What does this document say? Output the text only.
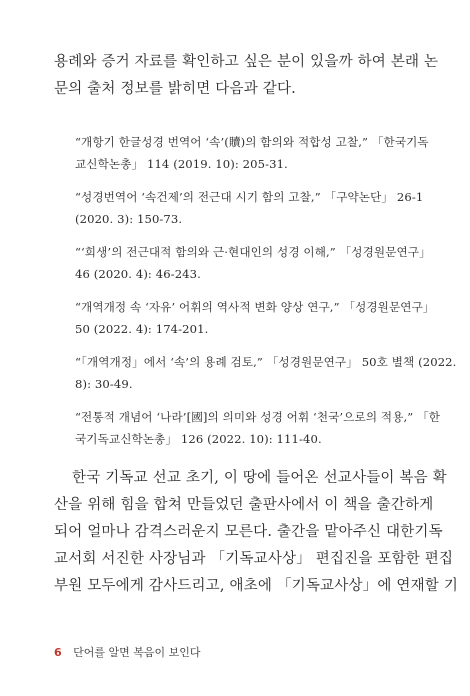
용례와 증거 자료를 확인하고 싶은 분이 있을까 하여 본래 논
문의 출처 정보를 밝히면 다음과 같다.

“개항기 한글성경 번역어 ‘속’(贖)의 함의와 적합성 고찰,” 「한국기독
교신학논총」 114 (2019. 10): 205-31.
“성경번역어 ‘속건제’의 전근대 시기 함의 고찰,” 「구약논단」 26-1
(2020. 3): 150-73.
“‘희생’의 전근대적 함의와 근·현대인의 성경 이해,” 「성경원문연구」
46 (2020. 4): 46-243.
“개역개정 속 ‘자유’ 어휘의 역사적 변화 양상 연구,” 「성경원문연구」
50 (2022. 4): 174-201.
“「개역개정」에서 ‘속’의 용례 검토,” 「성경원문연구」 50호 별책 (2022.
8): 30-49.
“전통적 개념어 ‘나라’[國]의 의미와 성경 어휘 ‘천국’으로의 적용,” 「한
국기독교신학논총」 126 (2022. 10): 111-40.

한국 기독교 선교 초기, 이 땅에 들어온 선교사들이 복음 확
산을 위해 힘을 합쳐 만들었던 출판사에서 이 책을 출간하게
되어 얼마나 감격스러운지 모른다. 출간을 맡아주신 대한기독
교서회 서진한 사장님과 「기독교사상」 편집진을 포함한 편집
부원 모두에게 감사드리고, 애초에 「기독교사상」에 연재할 기

6 단어를 알면 복음이 보인다
